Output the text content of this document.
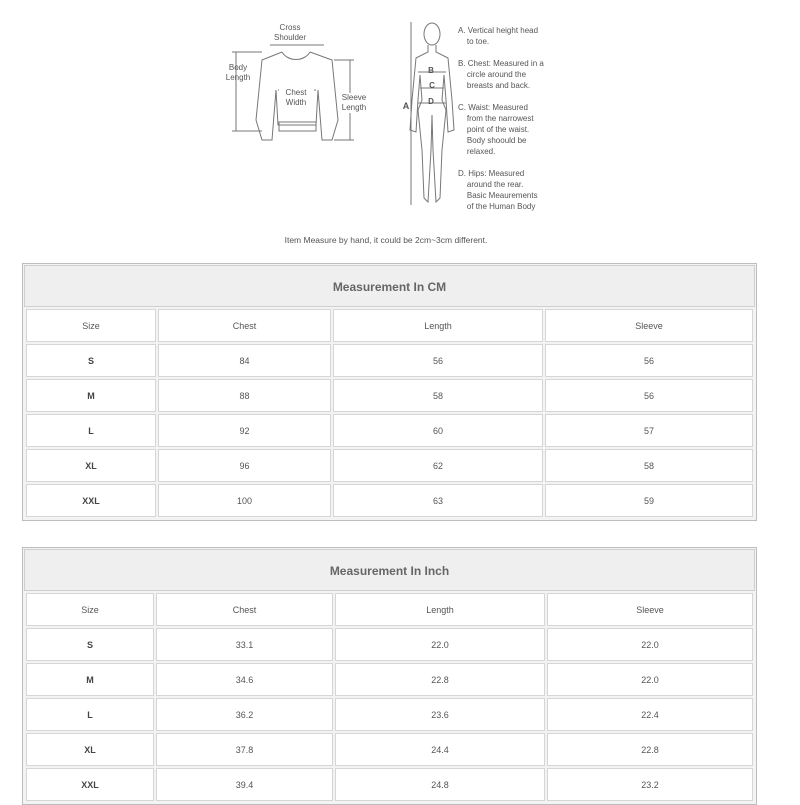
Cross
Shoulder
Body
Length
Chest
Width
Sleeve
Length	A
B
C
D

A. Vertical height head
to toe.

B. Chest: Measured in a
circle around the
breasts and back.

C. Waist: Measured
from the narrowest
point of the waist.
Body shoould be
relaxed.

D. Hips: Measured
around the rear.
Basic Meaurements
of the Human Body

Item Measure by hand, it could be 2cm~3cm different.
Measurement In CM
Size	Chest	Length	Sleeve
S	84	56	56
M	88	58	56
L	92	60	57
XL	96	62	58
XXL	100	63	59
Measurement In Inch
Size	Chest	Length	Sleeve
S	33.1	22.0	22.0
M	34.6	22.8	22.0
L	36.2	23.6	22.4
XL	37.8	24.4	22.8
XXL	39.4	24.8	23.2
